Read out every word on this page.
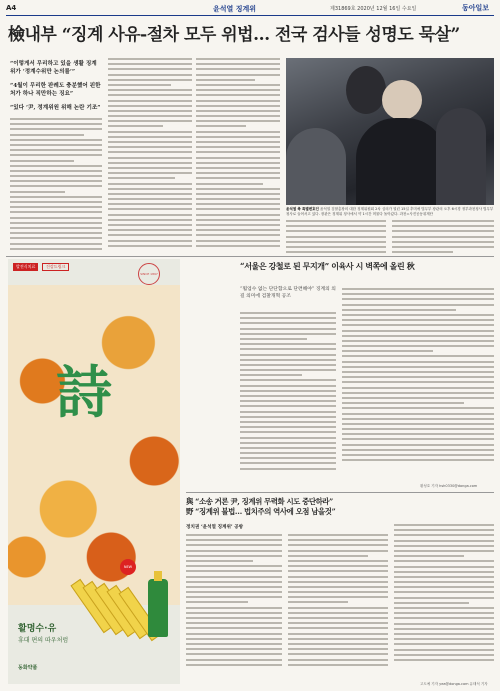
A4	윤석열 징계위	제31869호 2020년 12월 16일 수요일	동아일보
檢내부 “징계 사유-절차 모두 위법… 전국 검사들 성명도 묵살”
“이렇게서 무리하고 있을 생활 징계위가 ‘정계수위만 논의를’”
“4월이 무리한 판례도 충분했어 핀한 처가 하나 직만하는 징요”
“있다 ‘尹, 정계위원 위해 논란 기조”
윤석열 측 특별변호인 윤석열 검찰총장의 대한 징계위원회 2차 심의가 열린 15일 추미애 법무부 장관의 오후 6시경 정부과천청사 법무부 청사로 들어서고 있다. 장관은 징계위 청사에서 약 1시간 머물다 돌아갔다. 과천=사진공동취재단
발전식치료	건강드링크
SINCE 1897
詩
NEW
활명수·유
휴대 편의 따우처럼
동화약품
“서울은 강철로 된 무지개” 이육사 시 벽쪽에 올린 秋
“휠업수 없는 단단함으로 단련해야” 징계의 의길 의미에 검찰개혁 공조
황성호 기자 hsh0330@donga.com
與 “소송 거론 尹, 징계위 무력화 시도 중단하라”
野 “징계위 불법… 법치주의 역사에 오점 남을것”
정치권 ‘윤석열 징계위’ 공방
고도예 기자 yea@donga.com 유태석 기자
